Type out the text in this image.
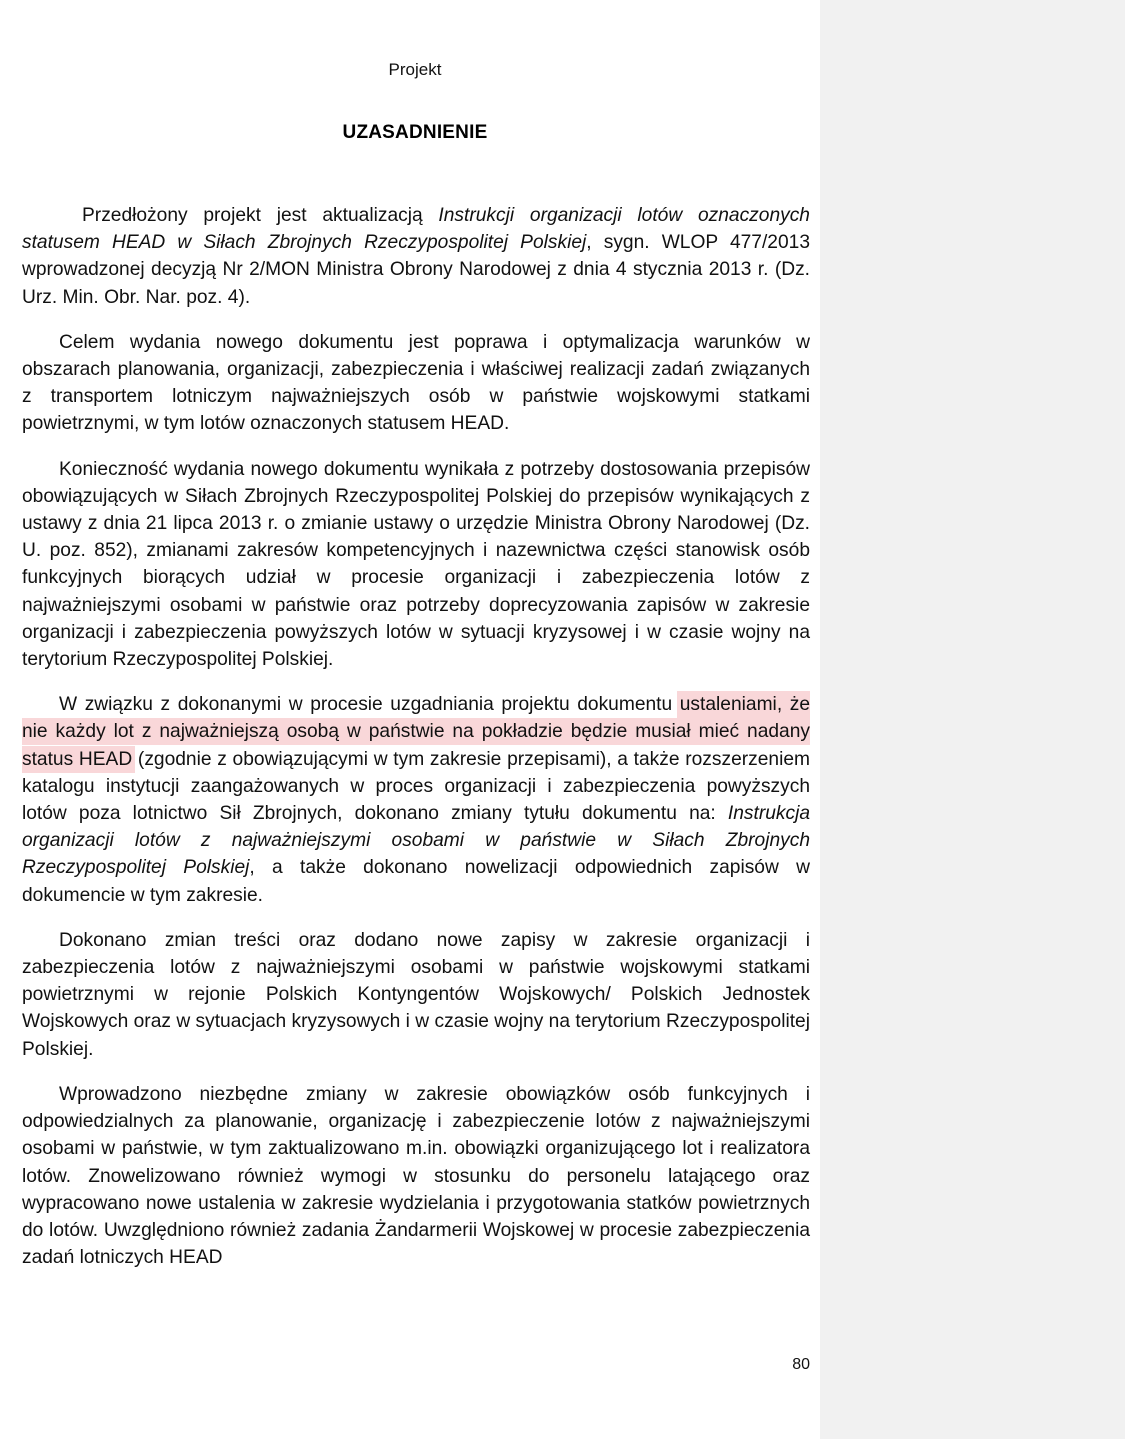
Projekt
UZASADNIENIE

Przedłożony projekt jest aktualizacją Instrukcji organizacji lotów oznaczonych statusem HEAD w Siłach Zbrojnych Rzeczypospolitej Polskiej, sygn. WLOP 477/2013 wprowadzonej decyzją Nr 2/MON Ministra Obrony Narodowej z dnia 4 stycznia 2013 r. (Dz. Urz. Min. Obr. Nar. poz. 4).

Celem wydania nowego dokumentu jest poprawa i optymalizacja warunków w obszarach planowania, organizacji, zabezpieczenia i właściwej realizacji zadań związanych z transportem lotniczym najważniejszych osób w państwie wojskowymi statkami powietrznymi, w tym lotów oznaczonych statusem HEAD.

Konieczność wydania nowego dokumentu wynikała z potrzeby dostosowania przepisów obowiązujących w Siłach Zbrojnych Rzeczypospolitej Polskiej do przepisów wynikających z ustawy z dnia 21 lipca 2013 r. o zmianie ustawy o urzędzie Ministra Obrony Narodowej (Dz. U. poz. 852), zmianami zakresów kompetencyjnych i nazewnictwa części stanowisk osób funkcyjnych biorących udział w procesie organizacji i zabezpieczenia lotów z najważniejszymi osobami w państwie oraz potrzeby doprecyzowania zapisów w zakresie organizacji i zabezpieczenia powyższych lotów w sytuacji kryzysowej i w czasie wojny na terytorium Rzeczypospolitej Polskiej.

W związku z dokonanymi w procesie uzgadniania projektu dokumentu ustaleniami, że nie każdy lot z najważniejszą osobą w państwie na pokładzie będzie musiał mieć nadany status HEAD (zgodnie z obowiązującymi w tym zakresie przepisami), a także rozszerzeniem katalogu instytucji zaangażowanych w proces organizacji i zabezpieczenia powyższych lotów poza lotnictwo Sił Zbrojnych, dokonano zmiany tytułu dokumentu na: Instrukcja organizacji lotów z najważniejszymi osobami w państwie w Siłach Zbrojnych Rzeczypospolitej Polskiej, a także dokonano nowelizacji odpowiednich zapisów w dokumencie w tym zakresie.

Dokonano zmian treści oraz dodano nowe zapisy w zakresie organizacji i zabezpieczenia lotów z najważniejszymi osobami w państwie wojskowymi statkami powietrznymi w rejonie Polskich Kontyngentów Wojskowych/ Polskich Jednostek Wojskowych oraz w sytuacjach kryzysowych i w czasie wojny na terytorium Rzeczypospolitej Polskiej.

Wprowadzono niezbędne zmiany w zakresie obowiązków osób funkcyjnych i odpowiedzialnych za planowanie, organizację i zabezpieczenie lotów z najważniejszymi osobami w państwie, w tym zaktualizowano m.in. obowiązki organizującego lot i realizatora lotów. Znowelizowano również wymogi w stosunku do personelu latającego oraz wypracowano nowe ustalenia w zakresie wydzielania i przygotowania statków powietrznych do lotów. Uwzględniono również zadania Żandarmerii Wojskowej w procesie zabezpieczenia zadań lotniczych HEAD

80
